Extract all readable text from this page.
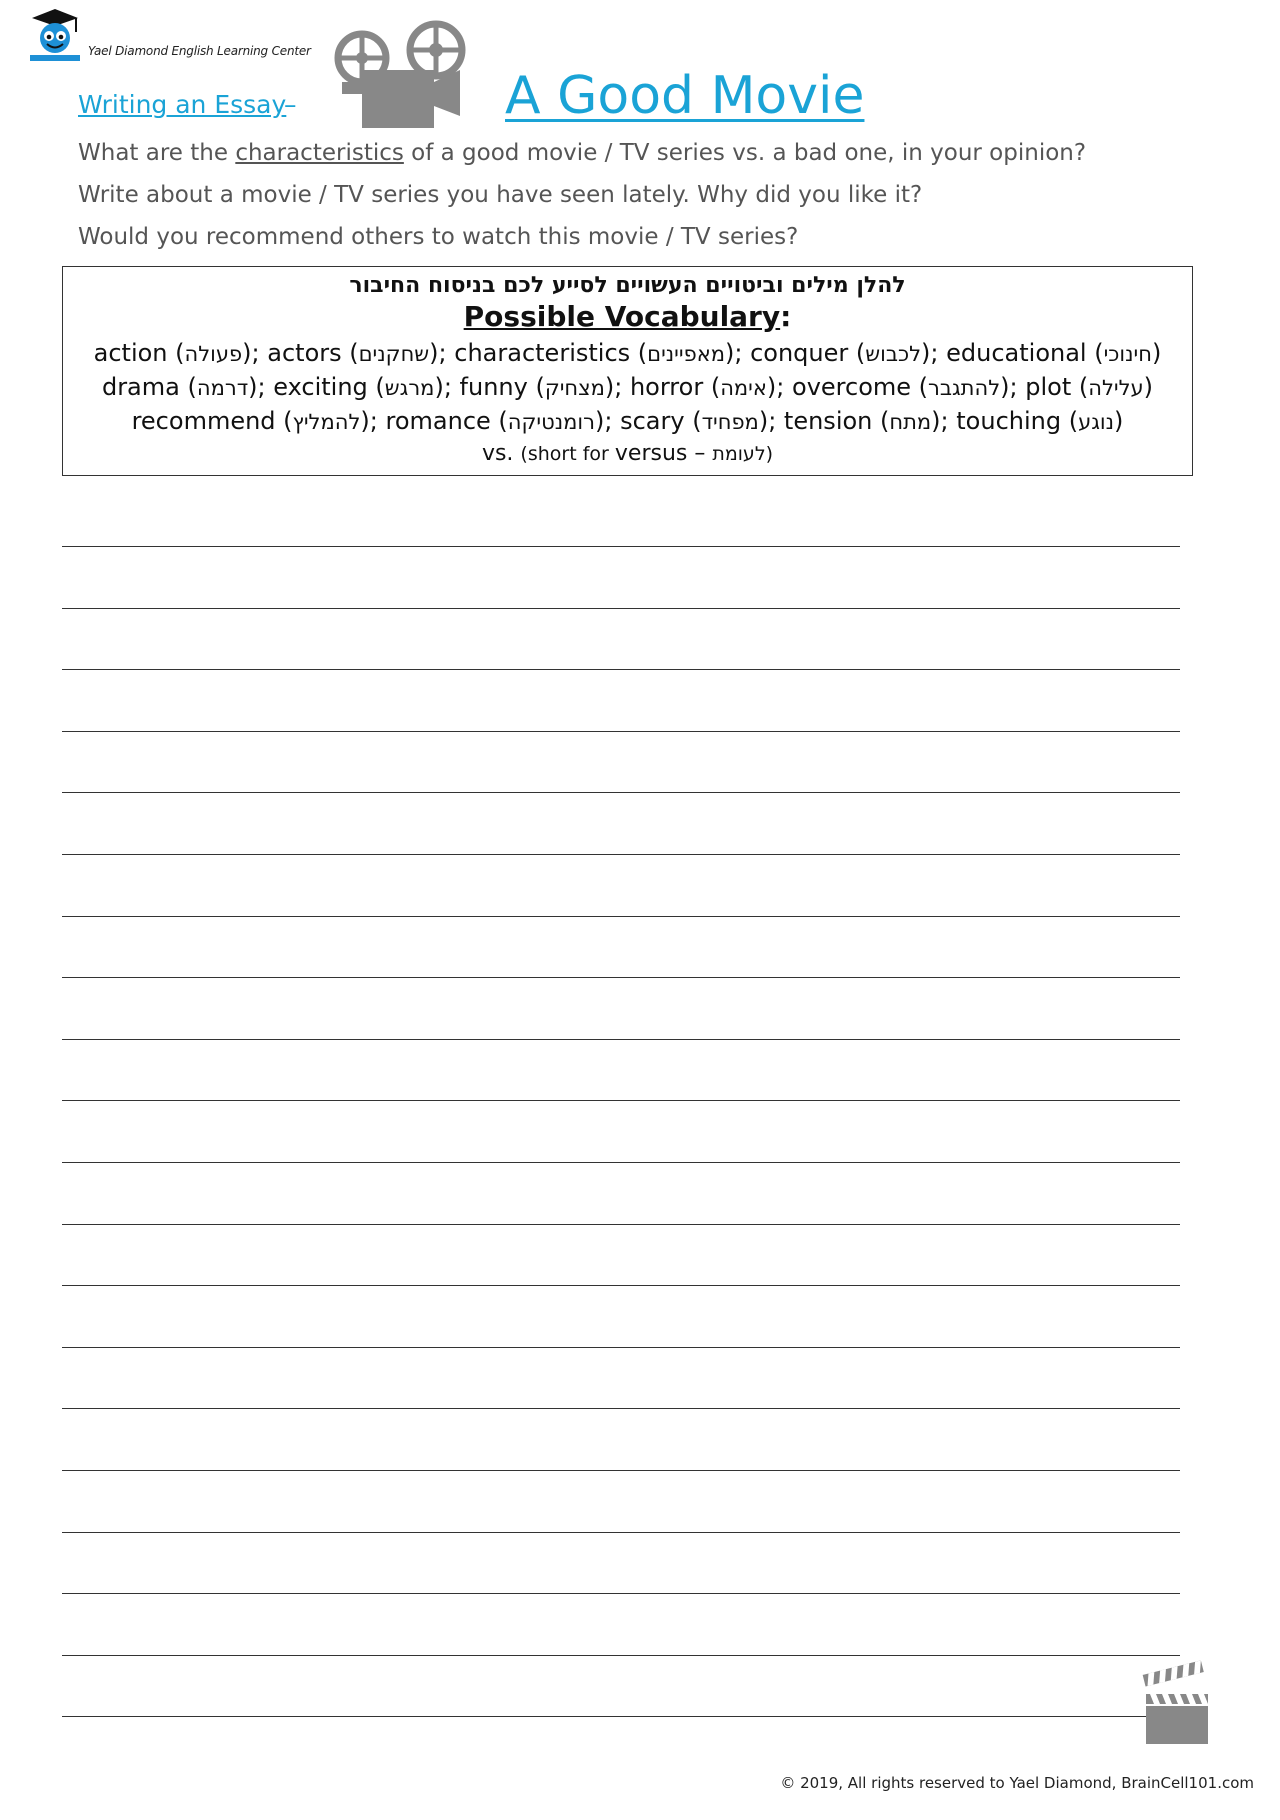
Yael Diamond English Learning Center
Writing an Essay
–	A Good Movie
What are the characteristics of a good movie / TV series vs. a bad one, in your opinion?
Write about a movie / TV series you have seen lately. Why did you like it?
Would you recommend others to watch this movie / TV series?
להלן מילים וביטויים העשויים לסייע לכם בניסוח החיבור
Possible Vocabulary:
action (פעולה); actors (שחקנים); characteristics (מאפיינים); conquer (לכבוש); educational (חינוכי)
drama (דרמה); exciting (מרגש); funny (מצחיק); horror (אימה); overcome (להתגבר); plot (עלילה)
recommend (להמליץ); romance (רומנטיקה); scary (מפחיד); tension (מתח); touching (נוגע)
vs. (short for versus – לעומת)
© 2019, All rights reserved to Yael Diamond, BrainCell101.com
